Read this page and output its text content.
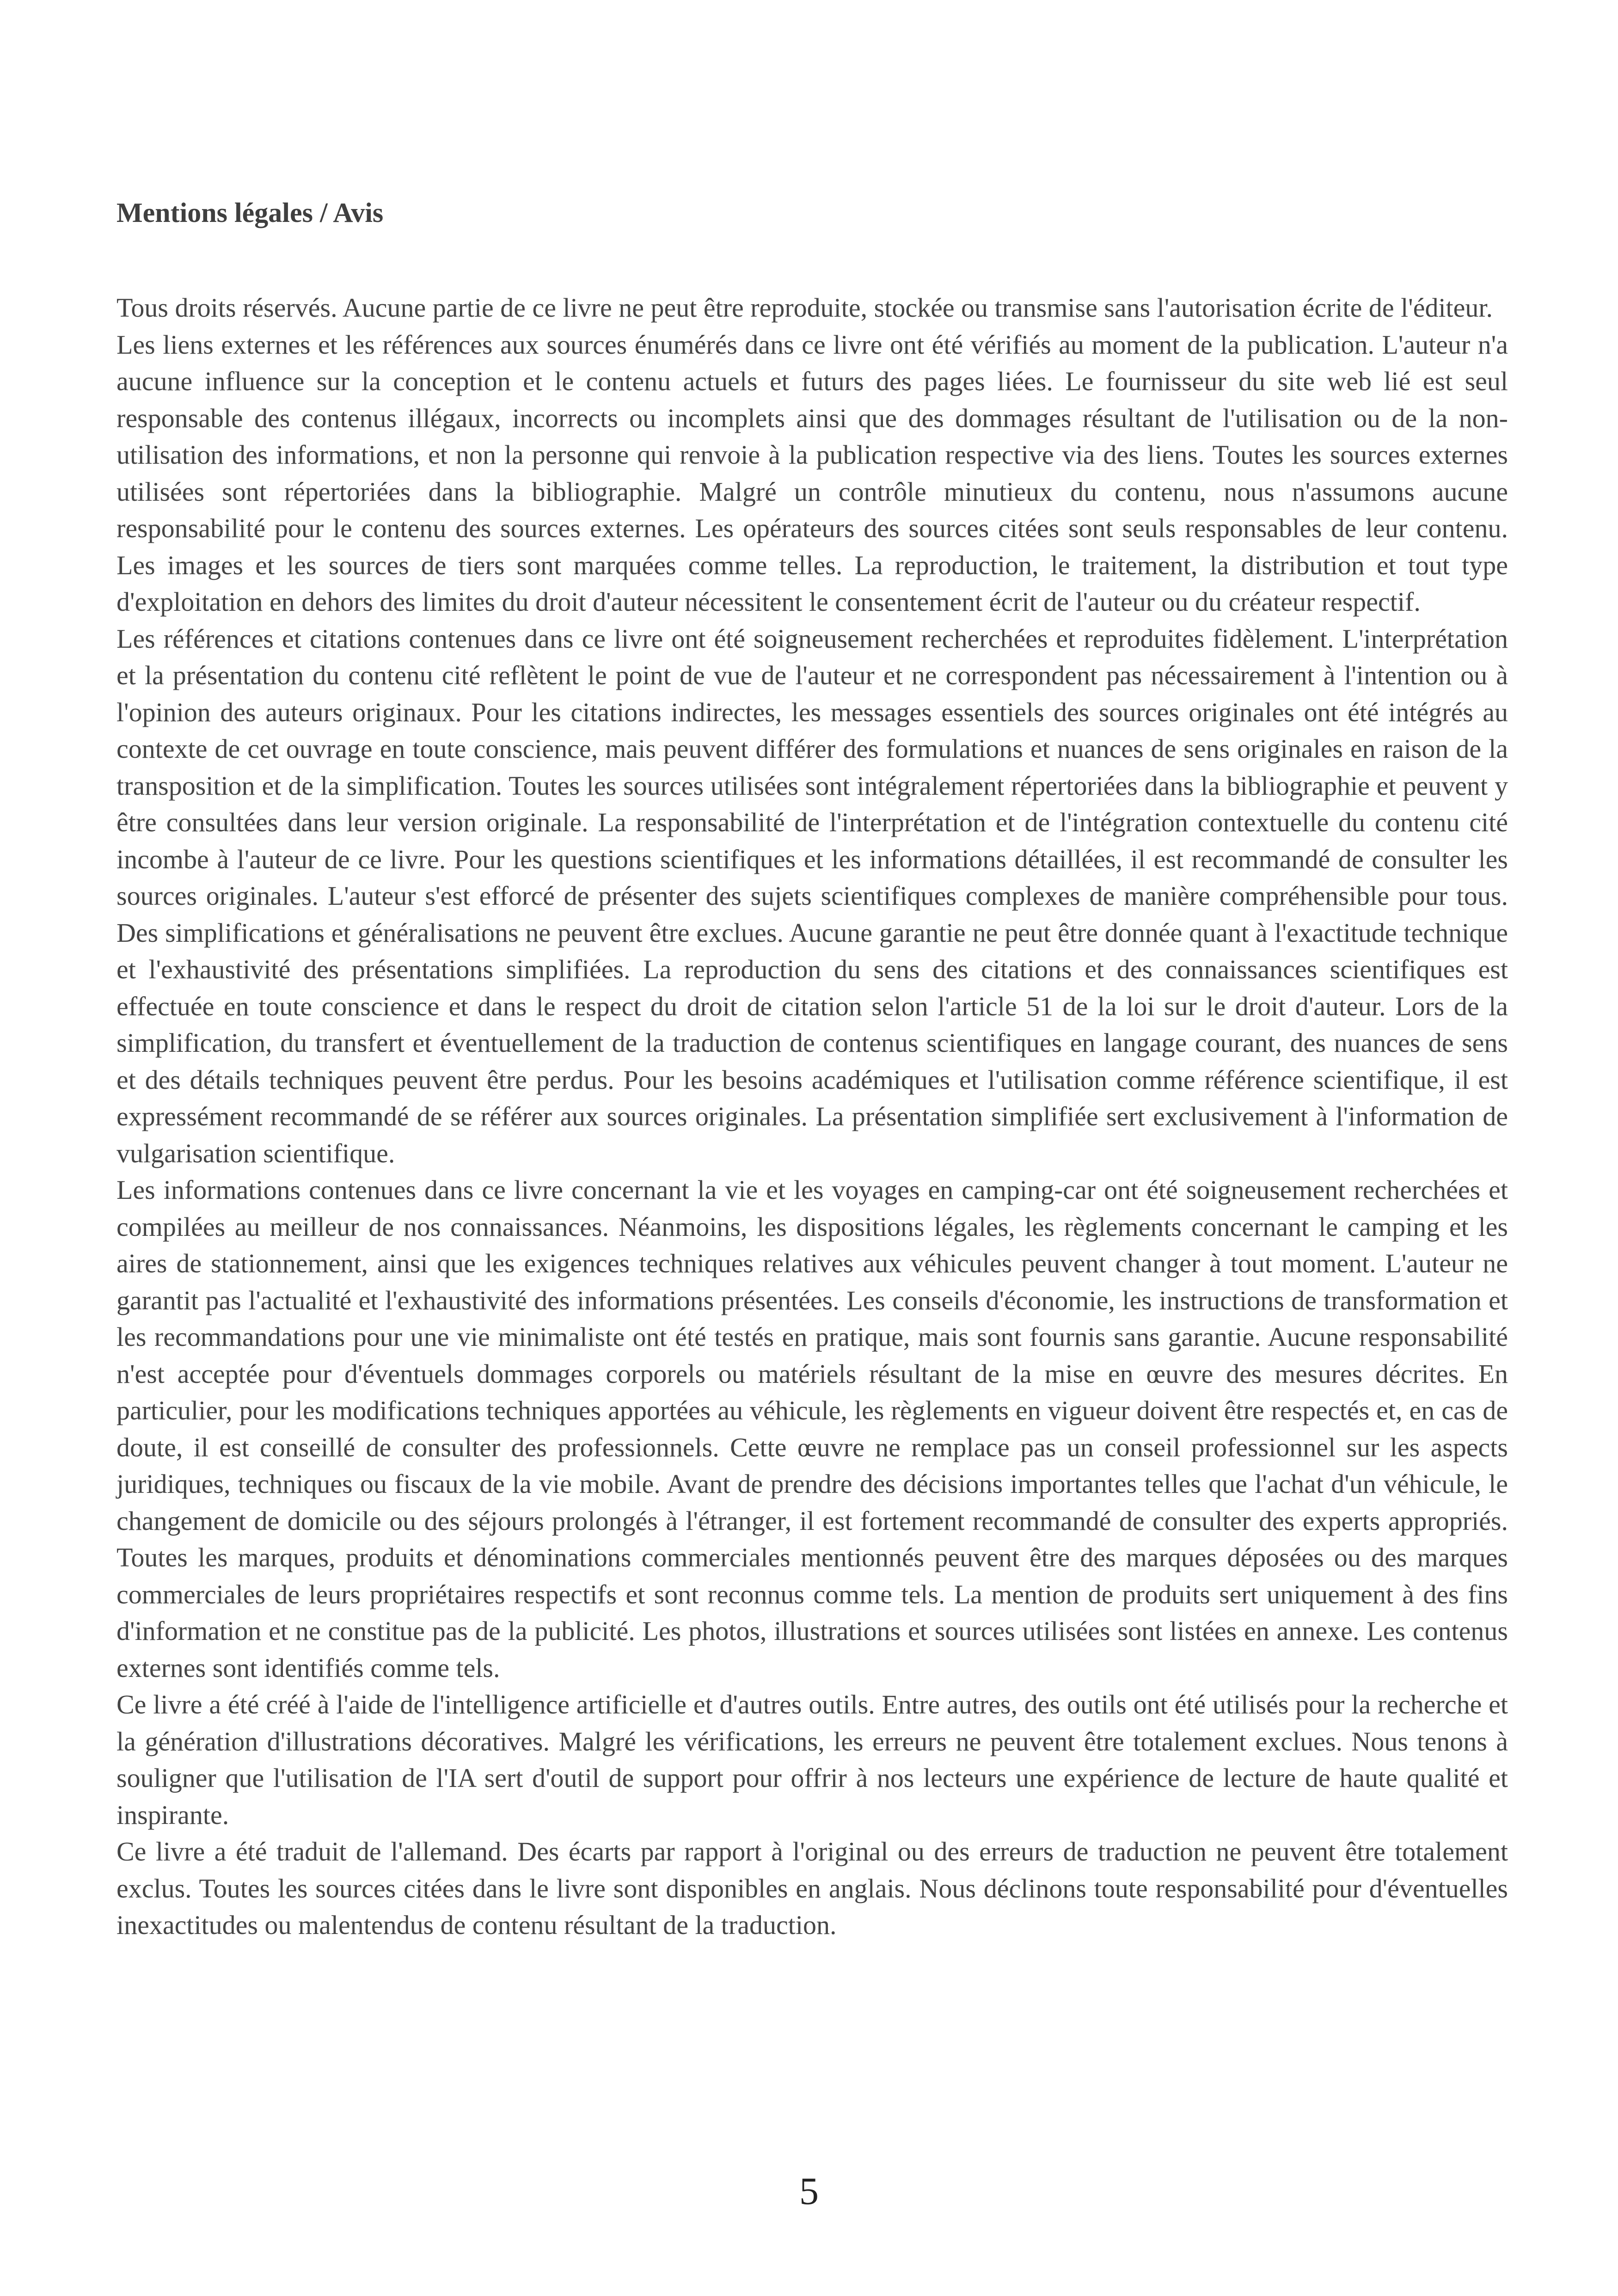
Mentions légales / Avis

Tous droits réservés. Aucune partie de ce livre ne peut être reproduite, stockée ou transmise sans l'autorisation écrite de l'éditeur.

Les liens externes et les références aux sources énumérés dans ce livre ont été vérifiés au moment de la publication. L'auteur n'a aucune influence sur la conception et le contenu actuels et futurs des pages liées. Le fournisseur du site web lié est seul responsable des contenus illégaux, incorrects ou incomplets ainsi que des dommages résultant de l'utilisation ou de la non-utilisation des informations, et non la personne qui renvoie à la publication respective via des liens. Toutes les sources externes utilisées sont répertoriées dans la bibliographie. Malgré un contrôle minutieux du contenu, nous n'assumons aucune responsabilité pour le contenu des sources externes. Les opérateurs des sources citées sont seuls responsables de leur contenu. Les images et les sources de tiers sont marquées comme telles. La reproduction, le traitement, la distribution et tout type d'exploitation en dehors des limites du droit d'auteur nécessitent le consentement écrit de l'auteur ou du créateur respectif.

Les références et citations contenues dans ce livre ont été soigneusement recherchées et reproduites fidèlement. L'interprétation et la présentation du contenu cité reflètent le point de vue de l'auteur et ne correspondent pas nécessairement à l'intention ou à l'opinion des auteurs originaux. Pour les citations indirectes, les messages essentiels des sources originales ont été intégrés au contexte de cet ouvrage en toute conscience, mais peuvent différer des formulations et nuances de sens originales en raison de la transposition et de la simplification. Toutes les sources utilisées sont intégralement répertoriées dans la bibliographie et peuvent y être consultées dans leur version originale. La responsabilité de l'interprétation et de l'intégration contextuelle du contenu cité incombe à l'auteur de ce livre. Pour les questions scientifiques et les informations détaillées, il est recommandé de consulter les sources originales. L'auteur s'est efforcé de présenter des sujets scientifiques complexes de manière compréhensible pour tous. Des simplifications et généralisations ne peuvent être exclues. Aucune garantie ne peut être donnée quant à l'exactitude technique et l'exhaustivité des présentations simplifiées. La reproduction du sens des citations et des connaissances scientifiques est effectuée en toute conscience et dans le respect du droit de citation selon l'article 51 de la loi sur le droit d'auteur. Lors de la simplification, du transfert et éventuellement de la traduction de contenus scientifiques en langage courant, des nuances de sens et des détails techniques peuvent être perdus. Pour les besoins académiques et l'utilisation comme référence scientifique, il est expressément recommandé de se référer aux sources originales. La présentation simplifiée sert exclusivement à l'information de vulgarisation scientifique.

Les informations contenues dans ce livre concernant la vie et les voyages en camping-car ont été soigneusement recherchées et compilées au meilleur de nos connaissances. Néanmoins, les dispositions légales, les règlements concernant le camping et les aires de stationnement, ainsi que les exigences techniques relatives aux véhicules peuvent changer à tout moment. L'auteur ne garantit pas l'actualité et l'exhaustivité des informations présentées. Les conseils d'économie, les instructions de transformation et les recommandations pour une vie minimaliste ont été testés en pratique, mais sont fournis sans garantie. Aucune responsabilité n'est acceptée pour d'éventuels dommages corporels ou matériels résultant de la mise en œuvre des mesures décrites. En particulier, pour les modifications techniques apportées au véhicule, les règlements en vigueur doivent être respectés et, en cas de doute, il est conseillé de consulter des professionnels. Cette œuvre ne remplace pas un conseil professionnel sur les aspects juridiques, techniques ou fiscaux de la vie mobile. Avant de prendre des décisions importantes telles que l'achat d'un véhicule, le changement de domicile ou des séjours prolongés à l'étranger, il est fortement recommandé de consulter des experts appropriés. Toutes les marques, produits et dénominations commerciales mentionnés peuvent être des marques déposées ou des marques commerciales de leurs propriétaires respectifs et sont reconnus comme tels. La mention de produits sert uniquement à des fins d'information et ne constitue pas de la publicité. Les photos, illustrations et sources utilisées sont listées en annexe. Les contenus externes sont identifiés comme tels.

Ce livre a été créé à l'aide de l'intelligence artificielle et d'autres outils. Entre autres, des outils ont été utilisés pour la recherche et la génération d'illustrations décoratives. Malgré les vérifications, les erreurs ne peuvent être totalement exclues. Nous tenons à souligner que l'utilisation de l'IA sert d'outil de support pour offrir à nos lecteurs une expérience de lecture de haute qualité et inspirante.

Ce livre a été traduit de l'allemand. Des écarts par rapport à l'original ou des erreurs de traduction ne peuvent être totalement exclus. Toutes les sources citées dans le livre sont disponibles en anglais. Nous déclinons toute responsabilité pour d'éventuelles inexactitudes ou malentendus de contenu résultant de la traduction.

5
